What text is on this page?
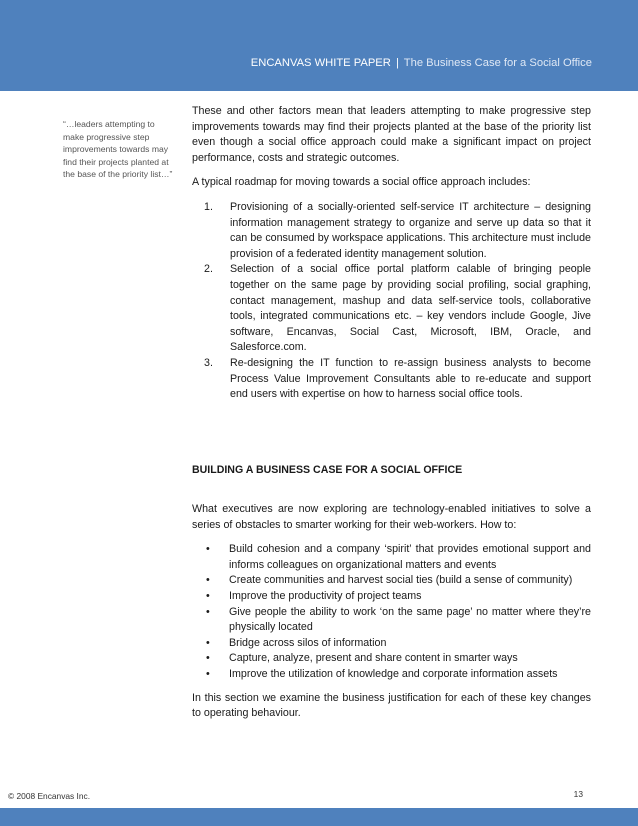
ENCANVAS WHITE PAPER | The Business Case for a Social Office
“…leaders attempting to make progressive step improvements towards may find their projects planted at the base of the priority list…”

These and other factors mean that leaders attempting to make progressive step improvements towards may find their projects planted at the base of the priority list even though a social office approach could make a significant impact on project performance, costs and strategic outcomes.

A typical roadmap for moving towards a social office approach includes:

1.	Provisioning of a socially-oriented self-service IT architecture – designing information management strategy to organize and serve up data so that it can be consumed by workspace applications. This architecture must include provision of a federated identity management solution.
2.	Selection of a social office portal platform calable of bringing people together on the same page by providing social profiling, social graphing, contact management, mashup and data self-service tools, collaborative tools, integrated communications etc. – key vendors include Google, Jive software, Encanvas, Social Cast, Microsoft, IBM, Oracle, and Salesforce.com.
3.	Re-designing the IT function to re-assign business analysts to become Process Value Improvement Consultants able to re-educate and support end users with expertise on how to harness social office tools.
BUILDING A BUSINESS CASE FOR A SOCIAL OFFICE

What executives are now exploring are technology-enabled initiatives to solve a series of obstacles to smarter working for their web-workers. How to:

•	Build cohesion and a company ‘spirit’ that provides emotional support and informs colleagues on organizational matters and events
•	Create communities and harvest social ties (build a sense of community)
•	Improve the productivity of project teams
•	Give people the ability to work ‘on the same page’ no matter where they’re physically located
•	Bridge across silos of information
•	Capture, analyze, present and share content in smarter ways
•	Improve the utilization of knowledge and corporate information assets

In this section we examine the business justification for each of these key changes to operating behaviour.

© 2008 Encanvas Inc.	13
